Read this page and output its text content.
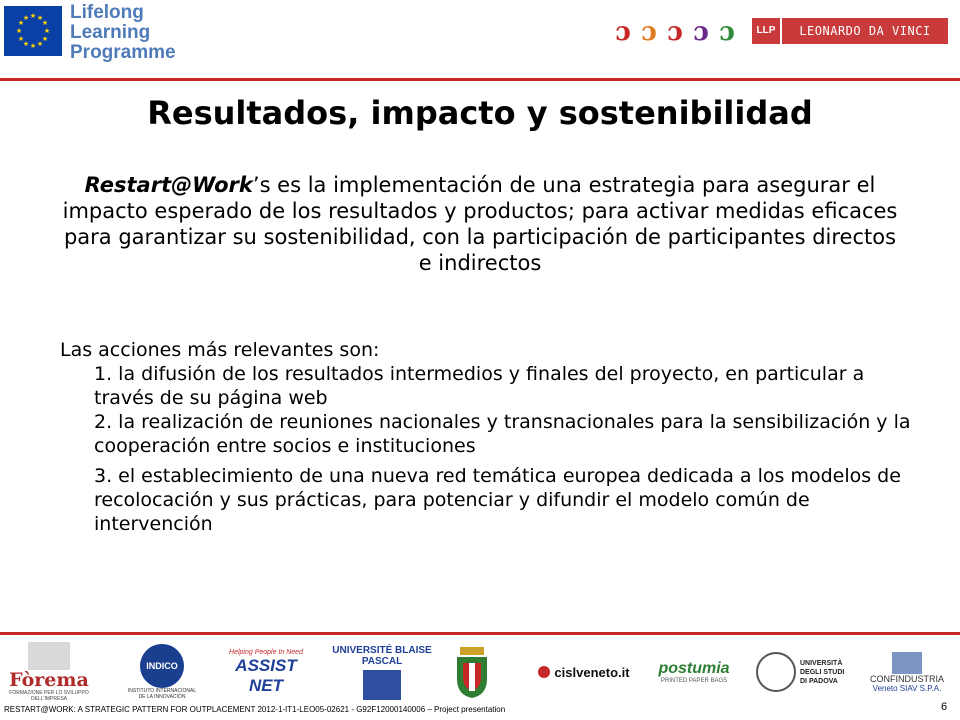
★ ★
★
★
★
★
★
★
★
★
★
★ Lifelong
Learning
Programme
ɔ ɔ ɔ ɔ ɔ	LLP	LEONARDO DA VINCI
Resultados, impacto y sostenibilidad
Restart@Work’s es la implementación de una estrategia para asegurar el impacto esperado de los resultados y productos; para activar medidas eficaces para garantizar su sostenibilidad, con la participación de participantes directos e indirectos
Las acciones más relevantes son:
1. la difusión de los resultados intermedios y finales del proyecto, en particular a través de su página web
2. la realización de reuniones nacionales y transnacionales para la sensibilización y la cooperación entre socios e instituciones
3. el establecimiento de una nueva red temática europea dedicada a los modelos de recolocación y sus prácticas, para potenciar y difundir el modelo común de intervención
Fòrema
FORMAZIONE PER LO SVILUPPO DELL'IMPRESA
INDICO
INSTITUTO INTERNACIONAL DE LA INNOVACIÓN
Helping People In Need
ASSIST NET
UNIVERSITÉ BLAISE PASCAL
cislveneto.it postumia
PRINTED PAPER BAGS
UNIVERSITÀ DEGLI STUDI DI PADOVA	CONFINDUSTRIA
Veneto SIAV S.P.A.
RESTART@WORK: A STRATEGIC PATTERN FOR OUTPLACEMENT 2012-1-IT1-LEO05-02621 - G92F12000140006 – Project presentation	6
